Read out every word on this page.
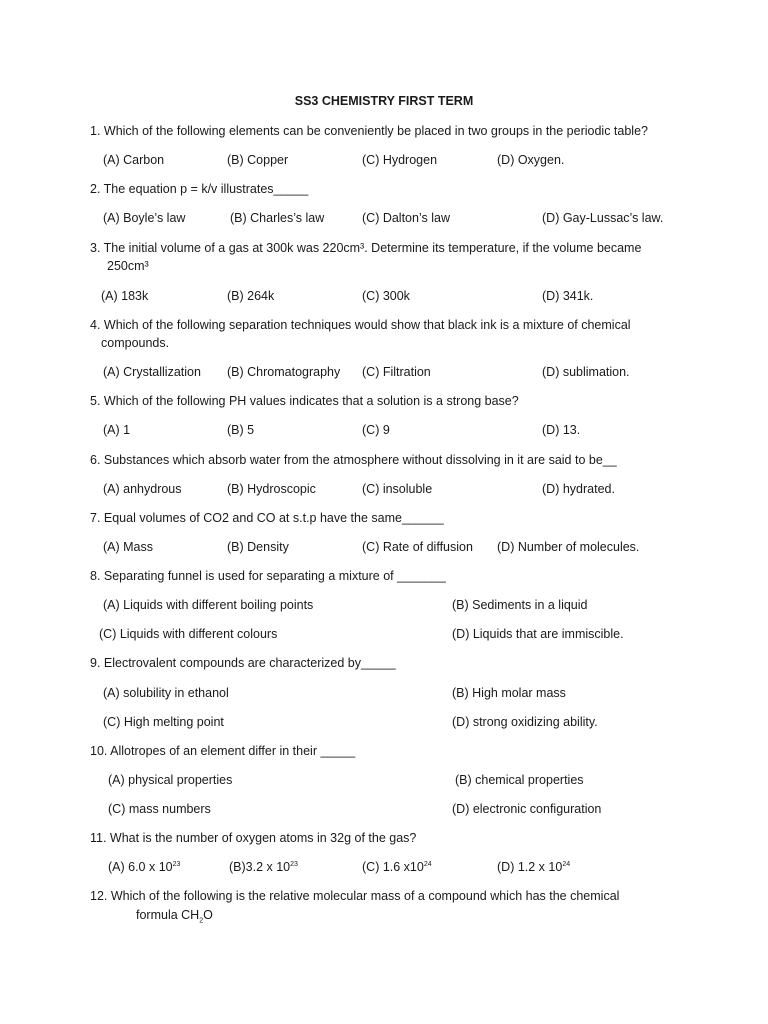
SS3 CHEMISTRY FIRST TERM
1. Which of the following elements can be conveniently be placed in two groups in the periodic table?
(A) Carbon	(B) Copper	(C) Hydrogen	(D) Oxygen.
2. The equation p = k/v illustrates_____
(A) Boyle’s law	(B) Charles’s law	(C) Dalton’s law	(D) Gay-Lussac’s law.
3. The initial volume of a gas at 300k was 220cm³. Determine its temperature, if the volume became
250cm³
(A) 183k	(B) 264k	(C) 300k	(D) 341k.
4. Which of the following separation techniques would show that black ink is a mixture of chemical
compounds.
(A) Crystallization (B) Chromatography (C) Filtration	(D) sublimation.
5. Which of the following PH values indicates that a solution is a strong base?
(A) 1	(B) 5	(C) 9	(D) 13.
6. Substances which absorb water from the atmosphere without dissolving in it are said to be__
(A) anhydrous	(B) Hydroscopic	(C) insoluble	(D) hydrated.
7. Equal volumes of CO2 and CO at s.t.p have the same______
(A) Mass	(B) Density	(C) Rate of diffusion (D) Number of molecules.
8. Separating funnel is used for separating a mixture of _______
(A) Liquids with different boiling points	(B) Sediments in a liquid
(C) Liquids with different colours	(D) Liquids that are immiscible.
9. Electrovalent compounds are characterized by_____
(A) solubility in ethanol	(B) High molar mass
(C) High melting point	(D) strong oxidizing ability.
10. Allotropes of an element differ in their _____
(A) physical properties	(B) chemical properties
(C) mass numbers	(D) electronic configuration
11. What is the number of oxygen atoms in 32g of the gas?
(A) 6.0 x $10^{23}$	(B)3.2 x $10^{23}$	(C) 1.6 $x10^{24}$	(D) 1.2 x $10^{24}$
12. Which of the following is the relative molecular mass of a compound which has the chemical
formula $CH_2O$
